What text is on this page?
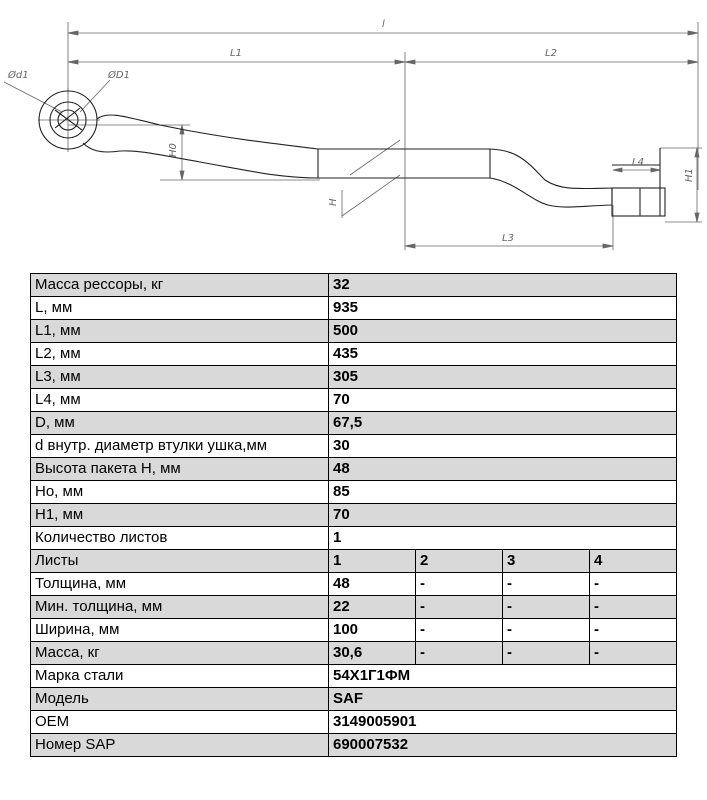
l
L1	L2
L3
L4
Ød1	ØD1
H0
H
H1
Масса рессоры, кг	32			
L, мм	935			
L1, мм	500			
L2, мм	435			
L3, мм	305			
L4, мм	70			
D, мм	67,5			
d внутр. диаметр втулки ушка,мм	30			
Высота пакета H, мм	48			
Ho, мм	85			
H1, мм	70			
Количество листов	1			
Листы	1	2	3	4
Толщина, мм	48	-	-	-
Мин. толщина, мм	22	-	-	-
Ширина, мм	100	-	-	-
Масса, кг	30,6	-	-	-
Марка стали	54Х1Г1ФМ			
Модель	SAF			
OEM	3149005901			
Номер SAP	690007532			
